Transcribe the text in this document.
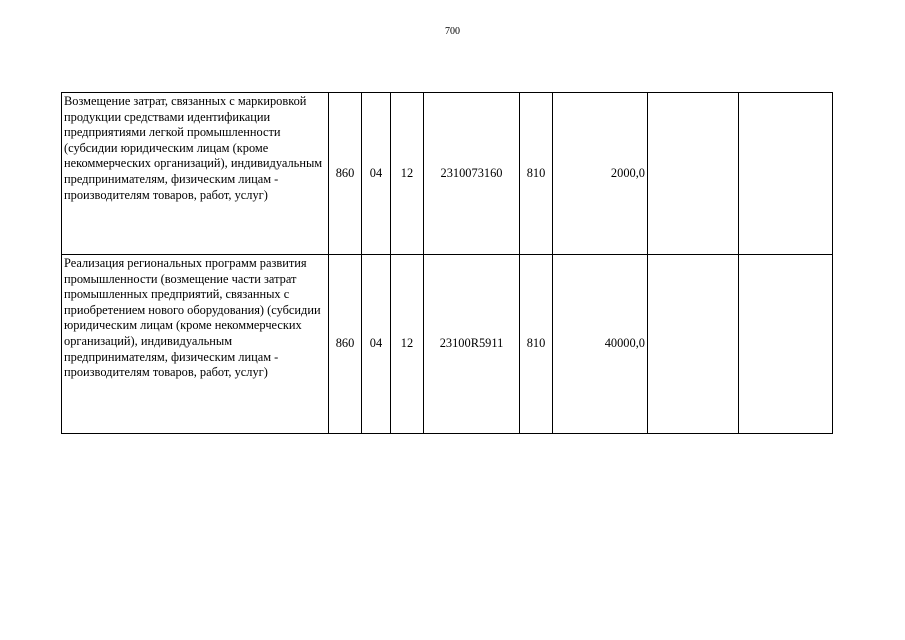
700
Возмещение затрат, связанных с маркировкой продукции средствами идентификации предприятиями легкой промышленности (субсидии юридическим лицам (кроме некоммерческих организаций), индивидуальным предпринимателям, физическим лицам - производителям товаров, работ, услуг)	860	04	12	2310073160	810	2000,0		
Реализация региональных программ развития промышленности (возмещение части затрат промышленных предприятий, связанных с приобретением нового оборудования) (субсидии юридическим лицам (кроме некоммерческих организаций), индивидуальным предпринимателям, физическим лицам - производителям товаров, работ, услуг)	860	04	12	23100R5911	810	40000,0		
